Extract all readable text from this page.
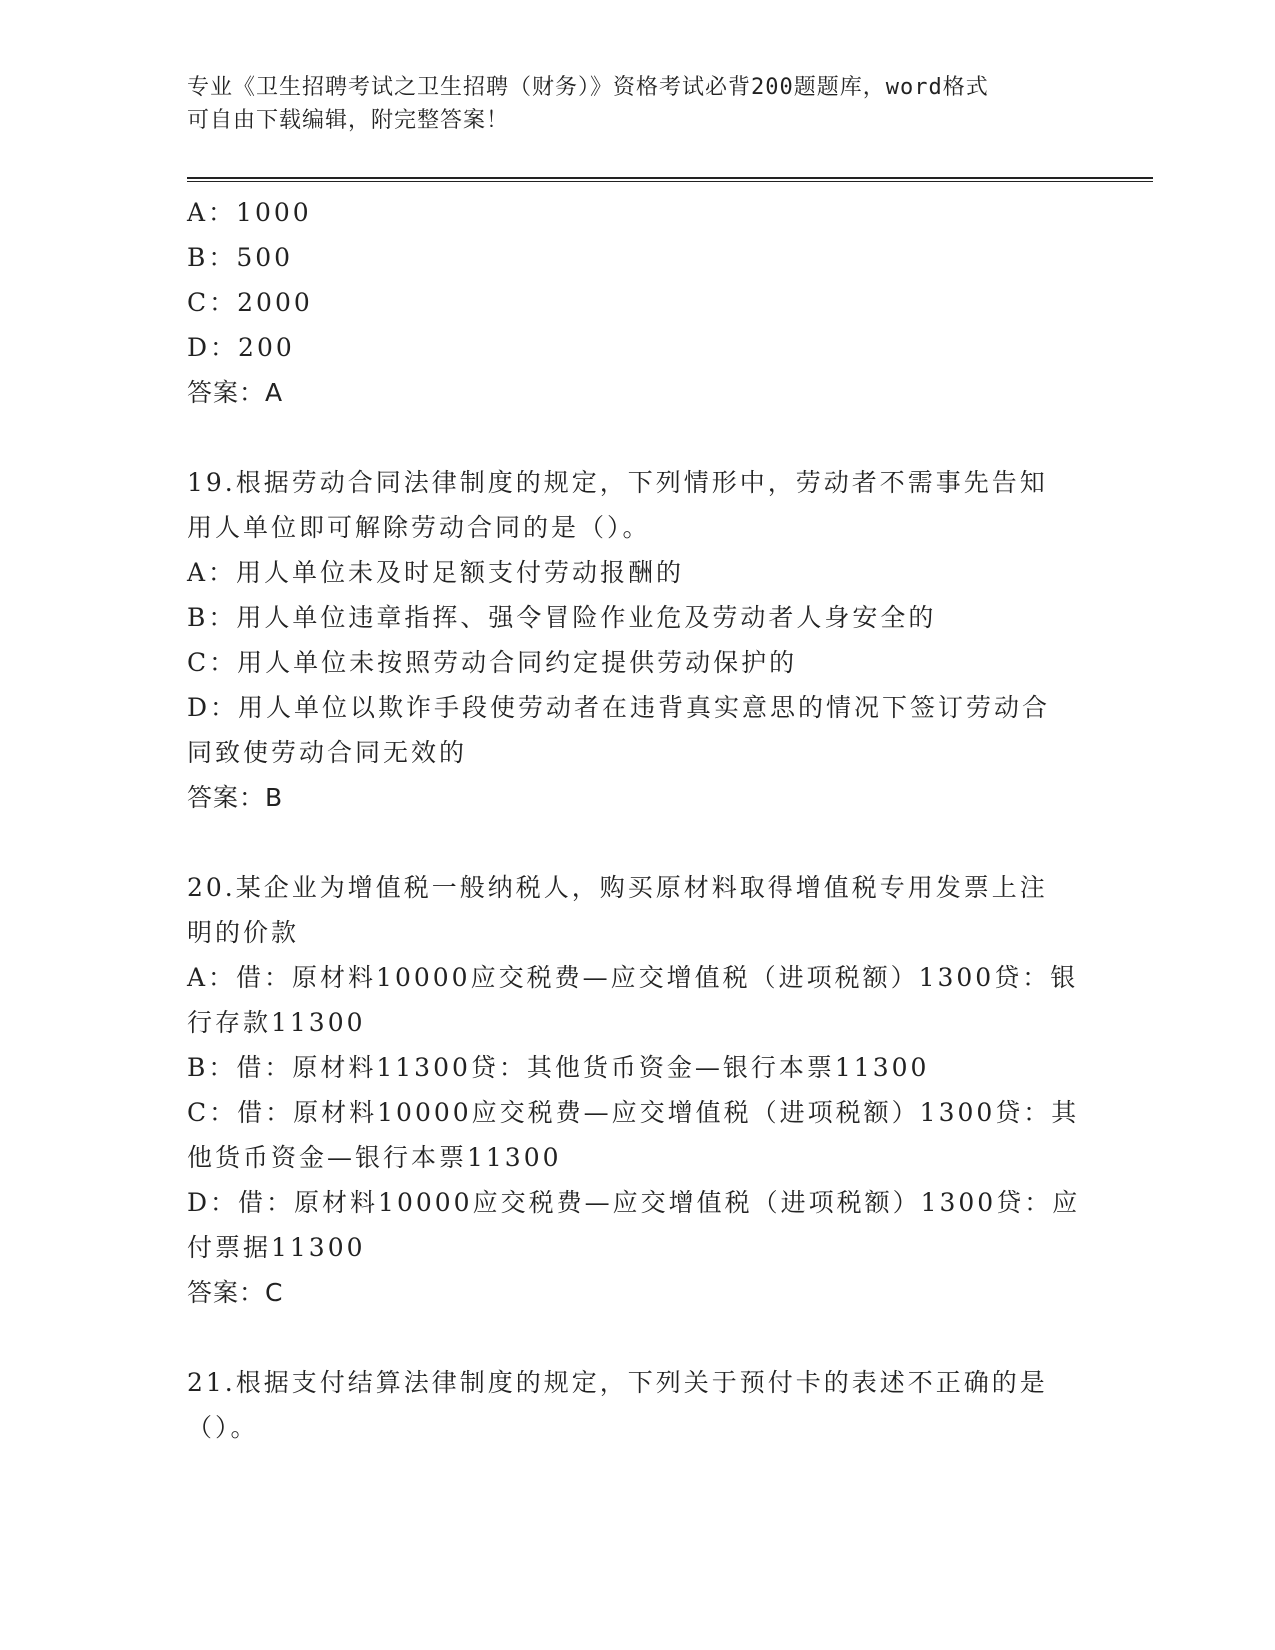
专业《卫生招聘考试之卫生招聘（财务）》资格考试必背200题题库，word格式
可自由下载编辑，附完整答案！
A：1000
B：500
C：2000
D：200
答案：A
19.根据劳动合同法律制度的规定，下列情形中，劳动者不需事先告知
用人单位即可解除劳动合同的是（）。
A：用人单位未及时足额支付劳动报酬的
B：用人单位违章指挥、强令冒险作业危及劳动者人身安全的
C：用人单位未按照劳动合同约定提供劳动保护的
D：用人单位以欺诈手段使劳动者在违背真实意思的情况下签订劳动合
同致使劳动合同无效的
答案：B
20.某企业为增值税一般纳税人，购买原材料取得增值税专用发票上注
明的价款
A：借：原材料10000应交税费—应交增值税（进项税额）1300贷：银
行存款11300
B：借：原材料11300贷：其他货币资金—银行本票11300
C：借：原材料10000应交税费—应交增值税（进项税额）1300贷：其
他货币资金—银行本票11300
D：借：原材料10000应交税费—应交增值税（进项税额）1300贷：应
付票据11300
答案：C
21.根据支付结算法律制度的规定，下列关于预付卡的表述不正确的是
（）。
